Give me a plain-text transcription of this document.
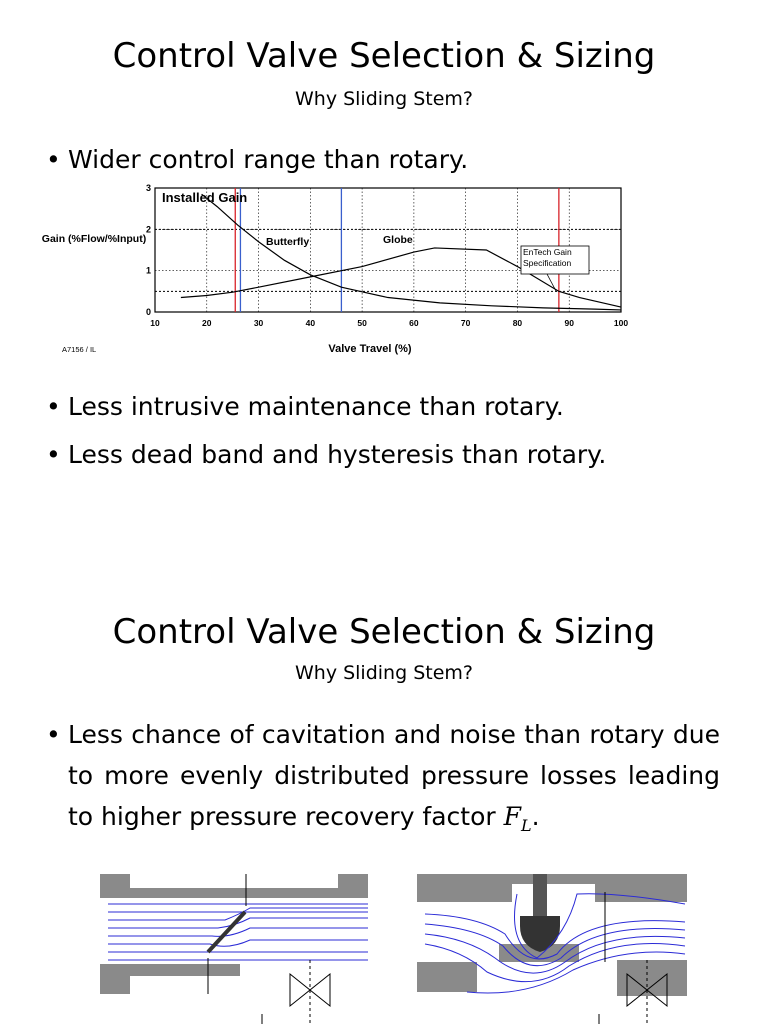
Control Valve Selection & Sizing
Why Sliding Stem?
• Wider control range than rotary.
10	20	30	40	50	60	70	80	90	100
0
1
2
3
Installed Gain
Butterfly	Globe
EnTech Gain Specification
Gain (%Flow/%Input)
Valve Travel (%)
A7156 / IL
• Less intrusive maintenance than rotary.
• Less dead band and hysteresis than rotary.
Control Valve Selection & Sizing
Why Sliding Stem?
• Less chance of cavitation and noise than rotary due to more evenly distributed pressure losses leading to higher pressure recovery factor $F_L$.
